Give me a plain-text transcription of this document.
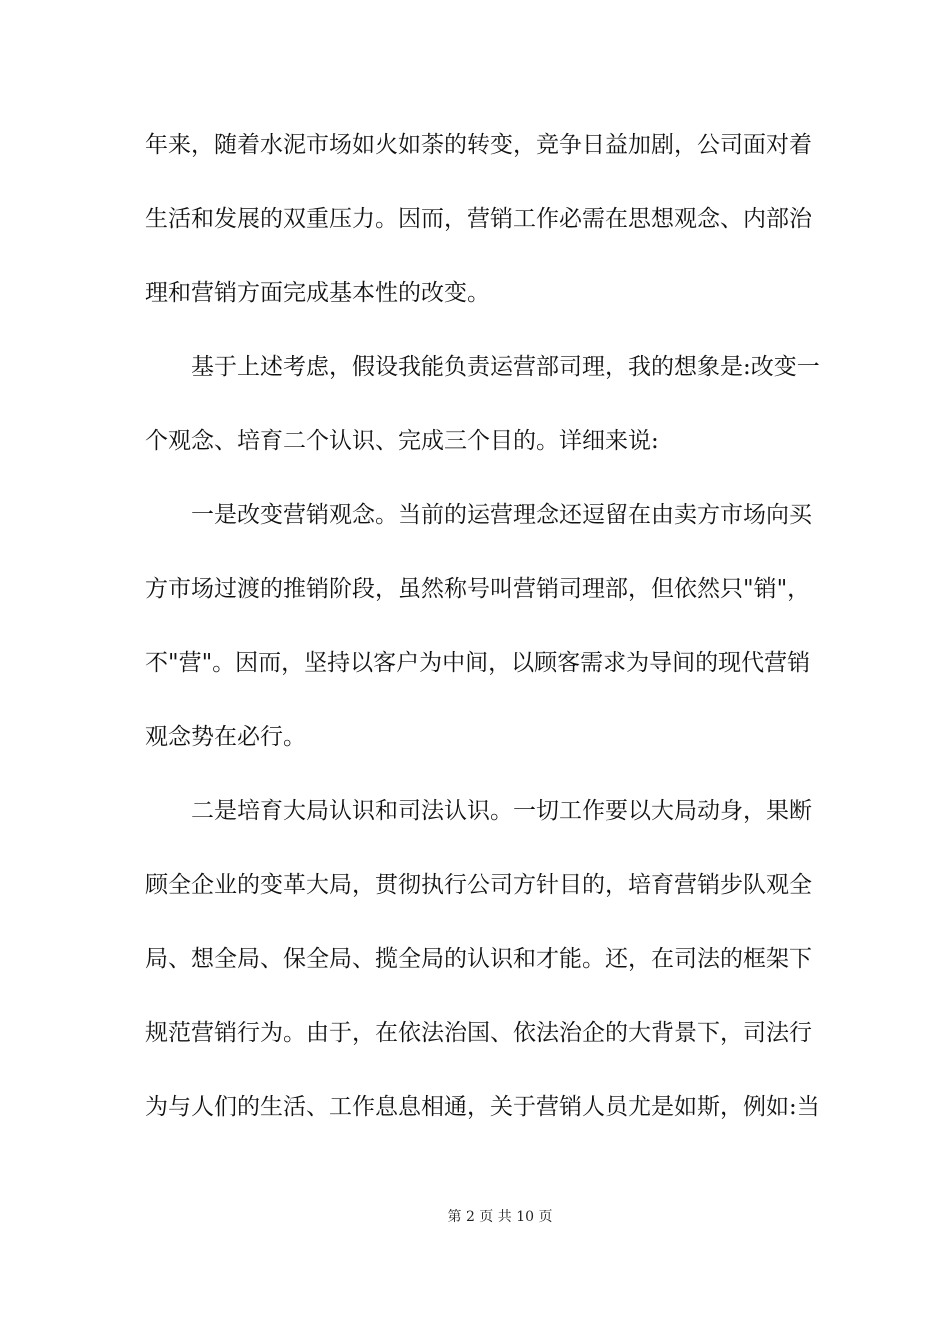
年来，随着水泥市场如火如荼的转变，竞争日益加剧，公司面对着
生活和发展的双重压力。因而，营销工作必需在思想观念、内部治
理和营销方面完成基本性的改变。
基于上述考虑，假设我能负责运营部司理，我的想象是:改变一
个观念、培育二个认识、完成三个目的。详细来说:
一是改变营销观念。当前的运营理念还逗留在由卖方市场向买
方市场过渡的推销阶段，虽然称号叫营销司理部，但依然只"销"，
不"营"。因而，坚持以客户为中间，以顾客需求为导间的现代营销
观念势在必行。
二是培育大局认识和司法认识。一切工作要以大局动身，果断
顾全企业的变革大局，贯彻执行公司方针目的，培育营销步队观全
局、想全局、保全局、揽全局的认识和才能。还，在司法的框架下
规范营销行为。由于，在依法治国、依法治企的大背景下，司法行
为与人们的生活、工作息息相通，关于营销人员尤是如斯，例如:当
第 2 页 共 10 页
